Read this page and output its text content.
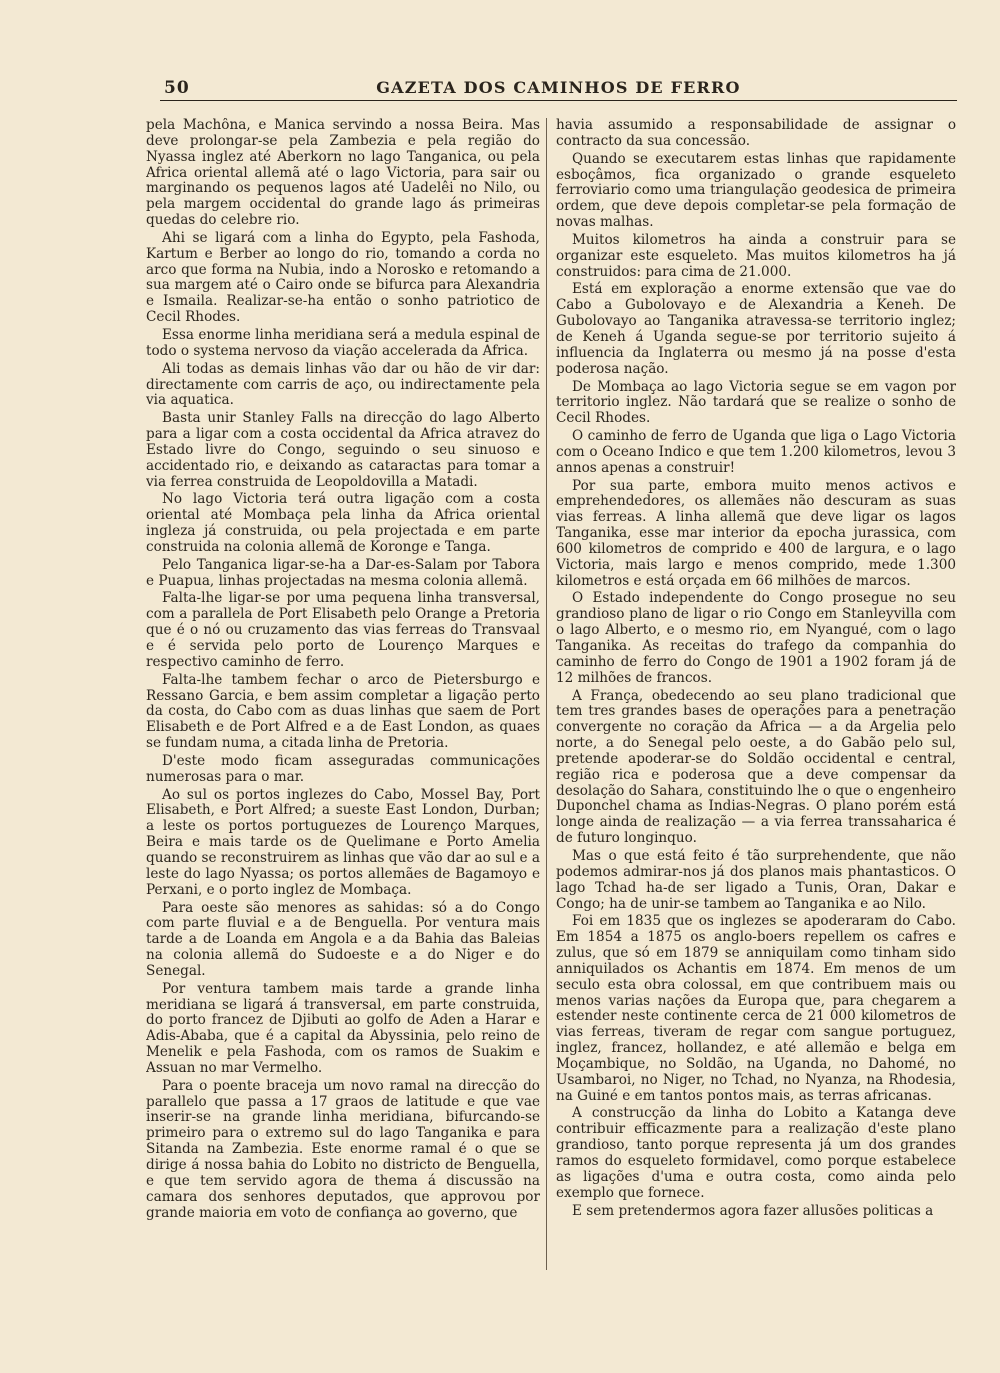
50	GAZETA DOS CAMINHOS DE FERRO

pela Machôna, e Manica servindo a nossa Beira. Mas deve prolongar-se pela Zambezia e pela região do Nyassa inglez até Aberkorn no lago Tanganica, ou pela Africa oriental allemã até o lago Victoria, para sair ou marginando os pequenos lagos até Uadelêi no Nilo, ou pela margem occidental do grande lago ás primeiras quedas do celebre rio.

Ahi se ligará com a linha do Egypto, pela Fashoda, Kartum e Berber ao longo do rio, tomando a corda no arco que forma na Nubia, indo a Norosko e retomando a sua margem até o Cairo onde se bifurca para Alexandria e Ismaila. Realizar-se-ha então o sonho patriotico de Cecil Rhodes.

Essa enorme linha meridiana será a medula espinal de todo o systema nervoso da viação accelerada da Africa.

Ali todas as demais linhas vão dar ou hão de vir dar: directamente com carris de aço, ou indirectamente pela via aquatica.

Basta unir Stanley Falls na direcção do lago Alberto para a ligar com a costa occidental da Africa atravez do Estado livre do Congo, seguindo o seu sinuoso e accidentado rio, e deixando as cataractas para tomar a via ferrea construida de Leopoldovilla a Matadi.

No lago Victoria terá outra ligação com a costa oriental até Mombaça pela linha da Africa oriental ingleza já construida, ou pela projectada e em parte construida na colonia allemã de Koronge e Tanga.

Pelo Tanganica ligar-se-ha a Dar-es-Salam por Tabora e Puapua, linhas projectadas na mesma colonia allemã.

Falta-lhe ligar-se por uma pequena linha transversal, com a parallela de Port Elisabeth pelo Orange a Pretoria que é o nó ou cruzamento das vias ferreas do Transvaal e é servida pelo porto de Lourenço Marques e respectivo caminho de ferro.

Falta-lhe tambem fechar o arco de Pietersburgo e Ressano Garcia, e bem assim completar a ligação perto da costa, do Cabo com as duas linhas que saem de Port Elisabeth e de Port Alfred e a de East London, as quaes se fundam numa, a citada linha de Pretoria.

D'este modo ficam asseguradas communicações numerosas para o mar.

Ao sul os portos inglezes do Cabo, Mossel Bay, Port Elisabeth, e Port Alfred; a sueste East London, Durban; a leste os portos portuguezes de Lourenço Marques, Beira e mais tarde os de Quelimane e Porto Amelia quando se reconstruirem as linhas que vão dar ao sul e a leste do lago Nyassa; os portos allemães de Bagamoyo e Perxani, e o porto inglez de Mombaça.

Para oeste são menores as sahidas: só a do Congo com parte fluvial e a de Benguella. Por ventura mais tarde a de Loanda em Angola e a da Bahia das Baleias na colonia allemã do Sudoeste e a do Niger e do Senegal.

Por ventura tambem mais tarde a grande linha meridiana se ligará á transversal, em parte construida, do porto francez de Djibuti ao golfo de Aden a Harar e Adis-Ababa, que é a capital da Abyssinia, pelo reino de Menelik e pela Fashoda, com os ramos de Suakim e Assuan no mar Vermelho.

Para o poente braceja um novo ramal na direcção do parallelo que passa a 17 graos de latitude e que vae inserir-se na grande linha meridiana, bifurcando-se primeiro para o extremo sul do lago Tanganika e para Sitanda na Zambezia. Este enorme ramal é o que se dirige á nossa bahia do Lobito no districto de Benguella, e que tem servido agora de thema á discussão na camara dos senhores deputados, que approvou por grande maioria em voto de confiança ao governo, que

havia assumido a responsabilidade de assignar o contracto da sua concessão.

Quando se executarem estas linhas que rapidamente esboçâmos, fica organizado o grande esqueleto ferroviario como uma triangulação geodesica de primeira ordem, que deve depois completar-se pela formação de novas malhas.

Muitos kilometros ha ainda a construir para se organizar este esqueleto. Mas muitos kilometros ha já construidos: para cima de 21.000.

Está em exploração a enorme extensão que vae do Cabo a Gubolovayo e de Alexandria a Keneh. De Gubolovayo ao Tanganika atravessa-se territorio inglez; de Keneh á Uganda segue-se por territorio sujeito á influencia da Inglaterra ou mesmo já na posse d'esta poderosa nação.

De Mombaça ao lago Victoria segue se em vagon por territorio inglez. Não tardará que se realize o sonho de Cecil Rhodes.

O caminho de ferro de Uganda que liga o Lago Victoria com o Oceano Indico e que tem 1.200 kilometros, levou 3 annos apenas a construir!

Por sua parte, embora muito menos activos e emprehendedores, os allemães não descuram as suas vias ferreas. A linha allemã que deve ligar os lagos Tanganika, esse mar interior da epocha jurassica, com 600 kilometros de comprido e 400 de largura, e o lago Victoria, mais largo e menos comprido, mede 1.300 kilometros e está orçada em 66 milhões de marcos.

O Estado independente do Congo prosegue no seu grandioso plano de ligar o rio Congo em Stanleyvilla com o lago Alberto, e o mesmo rio, em Nyangué, com o lago Tanganika. As receitas do trafego da companhia do caminho de ferro do Congo de 1901 a 1902 foram já de 12 milhões de francos.

A França, obedecendo ao seu plano tradicional que tem tres grandes bases de operações para a penetração convergente no coração da Africa — a da Argelia pelo norte, a do Senegal pelo oeste, a do Gabão pelo sul, pretende apoderar-se do Soldão occidental e central, região rica e poderosa que a deve compensar da desolação do Sahara, constituindo lhe o que o engenheiro Duponchel chama as Indias-Negras. O plano porém está longe ainda de realização — a via ferrea transsaharica é de futuro longinquo.

Mas o que está feito é tão surprehendente, que não podemos admirar-nos já dos planos mais phantasticos. O lago Tchad ha-de ser ligado a Tunis, Oran, Dakar e Congo; ha de unir-se tambem ao Tanganika e ao Nilo.

Foi em 1835 que os inglezes se apoderaram do Cabo. Em 1854 a 1875 os anglo-boers repellem os cafres e zulus, que só em 1879 se anniquilam como tinham sido anniquilados os Achantis em 1874. Em menos de um seculo esta obra colossal, em que contribuem mais ou menos varias nações da Europa que, para chegarem a estender neste continente cerca de 21 000 kilometros de vias ferreas, tiveram de regar com sangue portuguez, inglez, francez, hollandez, e até allemão e belga em Moçambique, no Soldão, na Uganda, no Dahomé, no Usambaroi, no Niger, no Tchad, no Nyanza, na Rhodesia, na Guiné e em tantos pontos mais, as terras africanas.

A construcção da linha do Lobito a Katanga deve contribuir efficazmente para a realização d'este plano grandioso, tanto porque representa já um dos grandes ramos do esqueleto formidavel, como porque estabelece as ligações d'uma e outra costa, como ainda pelo exemplo que fornece.

E sem pretendermos agora fazer allusões politicas a
